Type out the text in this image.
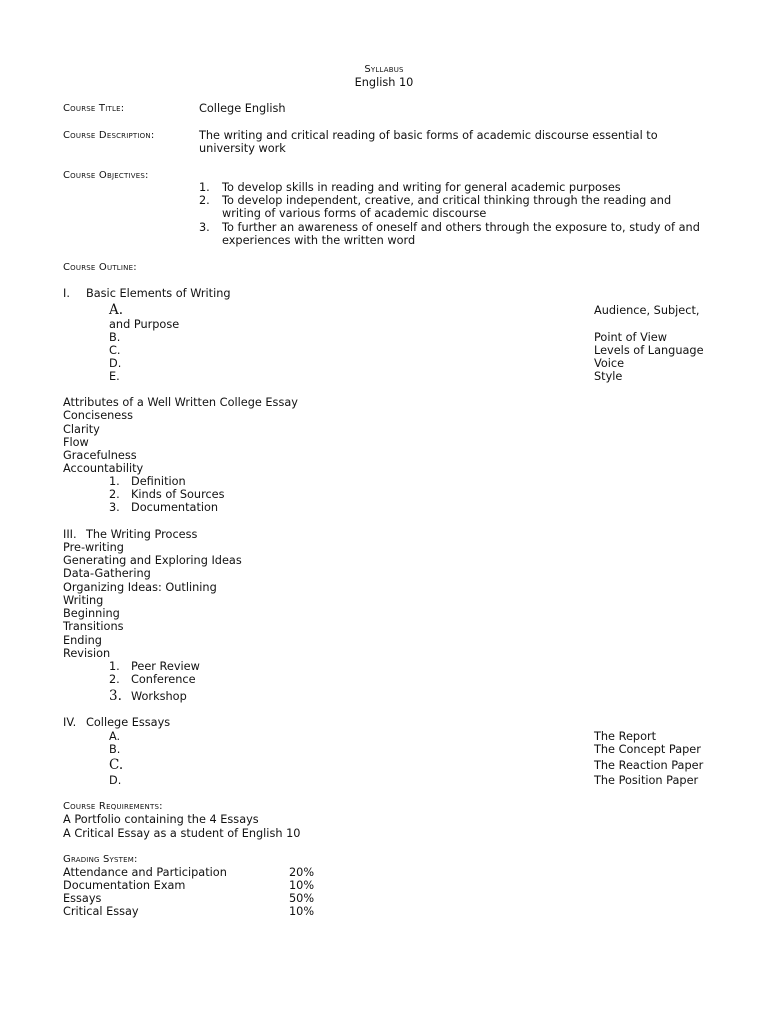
Syllabus
English 10
Course Title:	College English
Course Description:	The writing and critical reading of basic forms of academic discourse essential to
university work
Course Objectives:
1. To develop skills in reading and writing for general academic purposes
2. To develop independent, creative, and critical thinking through the reading and
writing of various forms of academic discourse
3. To further an awareness of oneself and others through the exposure to, study of and
experiences with the written word
Course Outline:
I. Basic Elements of Writing
A.	Audience, Subject,
and Purpose
B.	Point of View
C.	Levels of Language
D.	Voice
E.	Style
Attributes of a Well Written College Essay
Conciseness
Clarity
Flow
Gracefulness
Accountability
1. Definition
2. Kinds of Sources
3. Documentation
III. The Writing Process
Pre-writing
Generating and Exploring Ideas
Data-Gathering
Organizing Ideas: Outlining
Writing
Beginning
Transitions
Ending
Revision
1. Peer Review
2. Conference
3. Workshop
IV. College Essays
A.	The Report
B.	The Concept Paper
C.	The Reaction Paper
D.	The Position Paper
Course Requirements:
A Portfolio containing the 4 Essays
A Critical Essay as a student of English 10
Grading System:
Attendance and Participation	20%
Documentation Exam	10%
Essays	50%
Critical Essay	10%
